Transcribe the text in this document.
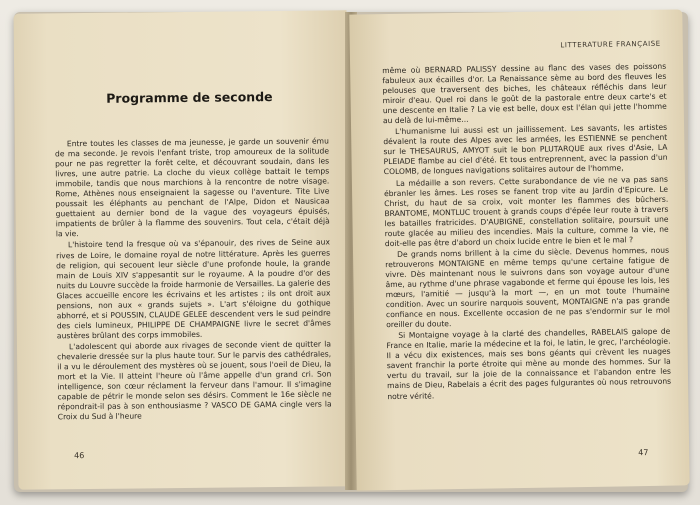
Programme de seconde

Entre toutes les classes de ma jeunesse, je garde un souvenir ému de ma seconde. Je revois l'enfant triste, trop amoureux de la solitude pour ne pas regretter la forêt celte, et découvrant soudain, dans les livres, une autre patrie. La cloche du vieux collège battait le temps immobile, tandis que nous marchions à la rencontre de notre visage. Rome, Athènes nous enseignaient la sagesse ou l'aventure. Tite Live poussait les éléphants au penchant de l'Alpe, Didon et Nausicaa guettaient au dernier bond de la vague des voyageurs épuisés, impatients de brûler à la flamme des souvenirs. Tout cela, c'était déjà la vie.

L'histoire tend la fresque où va s'épanouir, des rives de Seine aux rives de Loire, le domaine royal de notre littérature. Après les guerres de religion, qui secouent leur siècle d'une profonde houle, la grande main de Louis XIV s'appesantit sur le royaume. A la poudre d'or des nuits du Louvre succède la froide harmonie de Versailles. La galerie des Glaces accueille encore les écrivains et les artistes ; ils ont droit aux pensions, non aux « grands sujets ». L'art s'éloigne du gothique abhorré, et si POUSSIN, CLAUDE GELEE descendent vers le sud peindre des ciels lumineux, PHILIPPE DE CHAMPAIGNE livre le secret d'âmes austères brûlant des corps immobiles.

L'adolescent qui aborde aux rivages de seconde vient de quitter la chevalerie dressée sur la plus haute tour. Sur le parvis des cathédrales, il a vu le déroulement des mystères où se jouent, sous l'oeil de Dieu, la mort et la Vie. Il atteint l'heure où l'âme appelle d'un grand cri. Son intelligence, son cœur réclament la ferveur dans l'amour. Il s'imagine capable de pétrir le monde selon ses désirs. Comment le 16e siècle ne répondrait-il pas à son enthousiasme ? VASCO DE GAMA cingle vers la Croix du Sud à l'heure

46
LITTERATURE FRANÇAISE

même où BERNARD PALISSY dessine au flanc des vases des poissons fabuleux aux écailles d'or. La Renaissance sème au bord des fleuves les pelouses que traversent des biches, les châteaux réfléchis dans leur miroir d'eau. Quel roi dans le goût de la pastorale entre deux carte's et une descente en Italie ? La vie est belle, doux est l'élan qui jette l'homme au delà de lui-même...

L'humanisme lui aussi est un jaillissement. Les savants, les artistes dévalent la route des Alpes avec les armées, les ESTIENNE se penchent sur le THESAURUS, AMYOT suit le bon PLUTARQUE aux rives d'Asie, LA PLEIADE flambe au ciel d'été. Et tous entreprennent, avec la passion d'un COLOMB, de longues navigations solitaires autour de l'homme,

La médaille a son revers. Cette surabondance de vie ne va pas sans ébranler les âmes. Les roses se fanent trop vite au Jardin d'Epicure. Le Christ, du haut de sa croix, voit monter les flammes des bûchers. BRANTOME, MONTLUC trouent à grands coups d'épée leur route à travers les batailles fratricides. D'AUBIGNE, constellation solitaire, poursuit une route glacée au milieu des incendies. Mais la culture, comme la vie, ne doit-elle pas être d'abord un choix lucide entre le bien et le mal ?

De grands noms brillent à la cime du siècle. Devenus hommes, nous retrouverons MONTAIGNE en même temps qu'une certaine fatigue de vivre. Dès maintenant nous le suivrons dans son voyage autour d'une âme, au rythme d'une phrase vagabonde et ferme qui épouse les lois, les mœurs, l'amitié — jusqu'à la mort —, en un mot toute l'humaine condition. Avec un sourire narquois souvent, MONTAIGNE n'a pas grande confiance en nous. Excellente occasion de ne pas s'endormir sur le mol oreiller du doute.

Si Montaigne voyage à la clarté des chandelles, RABELAIS galope de France en Italie, marie la médecine et la foi, le latin, le grec, l'archéologie. Il a vécu dix existences, mais ses bons géants qui crèvent les nuages savent franchir la porte étroite qui mène au monde des hommes. Sur la vertu du travail, sur la joie de la connaissance et l'abandon entre les mains de Dieu, Rabelais a écrit des pages fulgurantes où nous retrouvons notre vérité.

47
